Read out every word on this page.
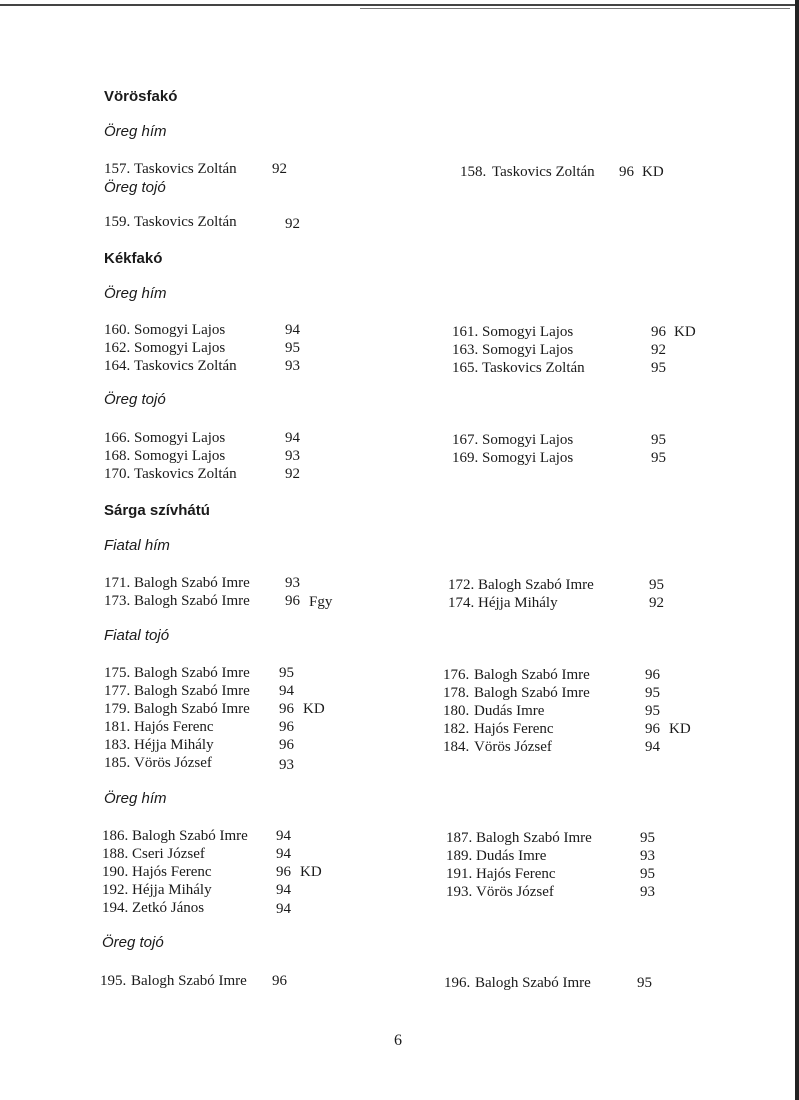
Vörösfakó
Kékfakó
Sárga szívhátú
Öreg hím
Öreg tojó
Öreg hím
Öreg tojó
Fiatal hím
Fiatal tojó
Öreg hím
Öreg tojó
157. Taskovics Zoltán 92	158. Taskovics Zoltán 96 KD
159. Taskovics Zoltán	92
160. Somogyi Lajos	94	161. Somogyi Lajos	96 KD
162. Somogyi Lajos	95	163. Somogyi Lajos	92
164. Taskovics Zoltán	93	165. Taskovics Zoltán	95
166. Somogyi Lajos	94	167. Somogyi Lajos	95
168. Somogyi Lajos	93	169. Somogyi Lajos	95
170. Taskovics Zoltán	92
171. Balogh Szabó Imre 93	172. Balogh Szabó Imre	95
173. Balogh Szabó Imre 96 Fgy	174. Héjja Mihály	92
175. Balogh Szabó Imre 95	176. Balogh Szabó Imre	96
177. Balogh Szabó Imre 94	178. Balogh Szabó Imre	95
179. Balogh Szabó Imre 96 KD	180. Dudás Imre	95
181. Hajós Ferenc	96	182. Hajós Ferenc	96 KD
183. Héjja Mihály	96	184. Vörös József	94
185. Vörös József	93
186. Balogh Szabó Imre 94	187. Balogh Szabó Imre	95
188. Cseri József	94	189. Dudás Imre	93
190. Hajós Ferenc	96 KD	191. Hajós Ferenc	95
192. Héjja Mihály	94	193. Vörös József	93
194. Zetkó János	94
195. Balogh Szabó Imre 96	196. Balogh Szabó Imre	95
6
